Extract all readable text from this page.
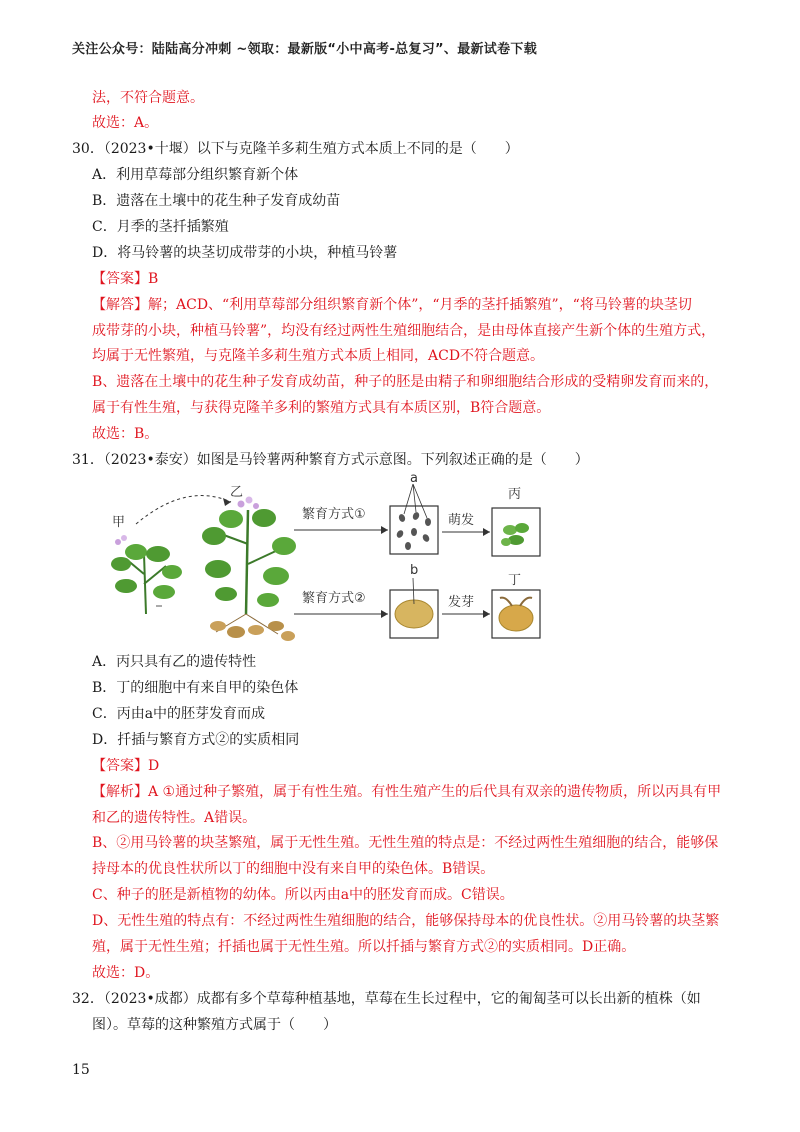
关注公众号：陆陆高分冲刺 ~领取：最新版“小中高考-总复习”、最新试卷下载
法，不符合题意。
故选：A。
30．（2023•十堰）以下与克隆羊多莉生殖方式本质上不同的是（　　）
A．利用草莓部分组织繁育新个体
B．遗落在土壤中的花生种子发育成幼苗
C．月季的茎扦插繁殖
D．将马铃薯的块茎切成带芽的小块，种植马铃薯
【答案】B
【解答】解；ACD、“利用草莓部分组织繁育新个体”，“月季的茎扦插繁殖”，“将马铃薯的块茎切
成带芽的小块，种植马铃薯”，均没有经过两性生殖细胞结合，是由母体直接产生新个体的生殖方式，
均属于无性繁殖，与克隆羊多莉生殖方式本质上相同，ACD不符合题意。
B、遗落在土壤中的花生种子发育成幼苗，种子的胚是由精子和卵细胞结合形成的受精卵发育而来的，
属于有性生殖，与获得克隆羊多利的繁殖方式具有本质区别，B符合题意。
故选：B。
31．（2023•泰安）如图是马铃薯两种繁育方式示意图。下列叙述正确的是（　　）
甲
乙
繁育方式①
a
萌发
丙
繁育方式②
b
发芽
丁
A．丙只具有乙的遗传特性
B．丁的细胞中有来自甲的染色体
C．丙由a中的胚芽发育而成
D．扦插与繁育方式②的实质相同
【答案】D
【解析】A ①通过种子繁殖，属于有性生殖。有性生殖产生的后代具有双亲的遗传物质，所以丙具有甲
和乙的遗传特性。A错误。
B、②用马铃薯的块茎繁殖，属于无性生殖。无性生殖的特点是：不经过两性生殖细胞的结合，能够保
持母本的优良性状所以丁的细胞中没有来自甲的染色体。B错误。
C、种子的胚是新植物的幼体。所以丙由a中的胚发育而成。C错误。
D、无性生殖的特点有：不经过两性生殖细胞的结合，能够保持母本的优良性状。②用马铃薯的块茎繁
殖，属于无性生殖；扦插也属于无性生殖。所以扦插与繁育方式②的实质相同。D正确。
故选：D。
32．（2023•成都）成都有多个草莓种植基地，草莓在生长过程中，它的匍匐茎可以长出新的植株（如
图）。草莓的这种繁殖方式属于（　　）
15
